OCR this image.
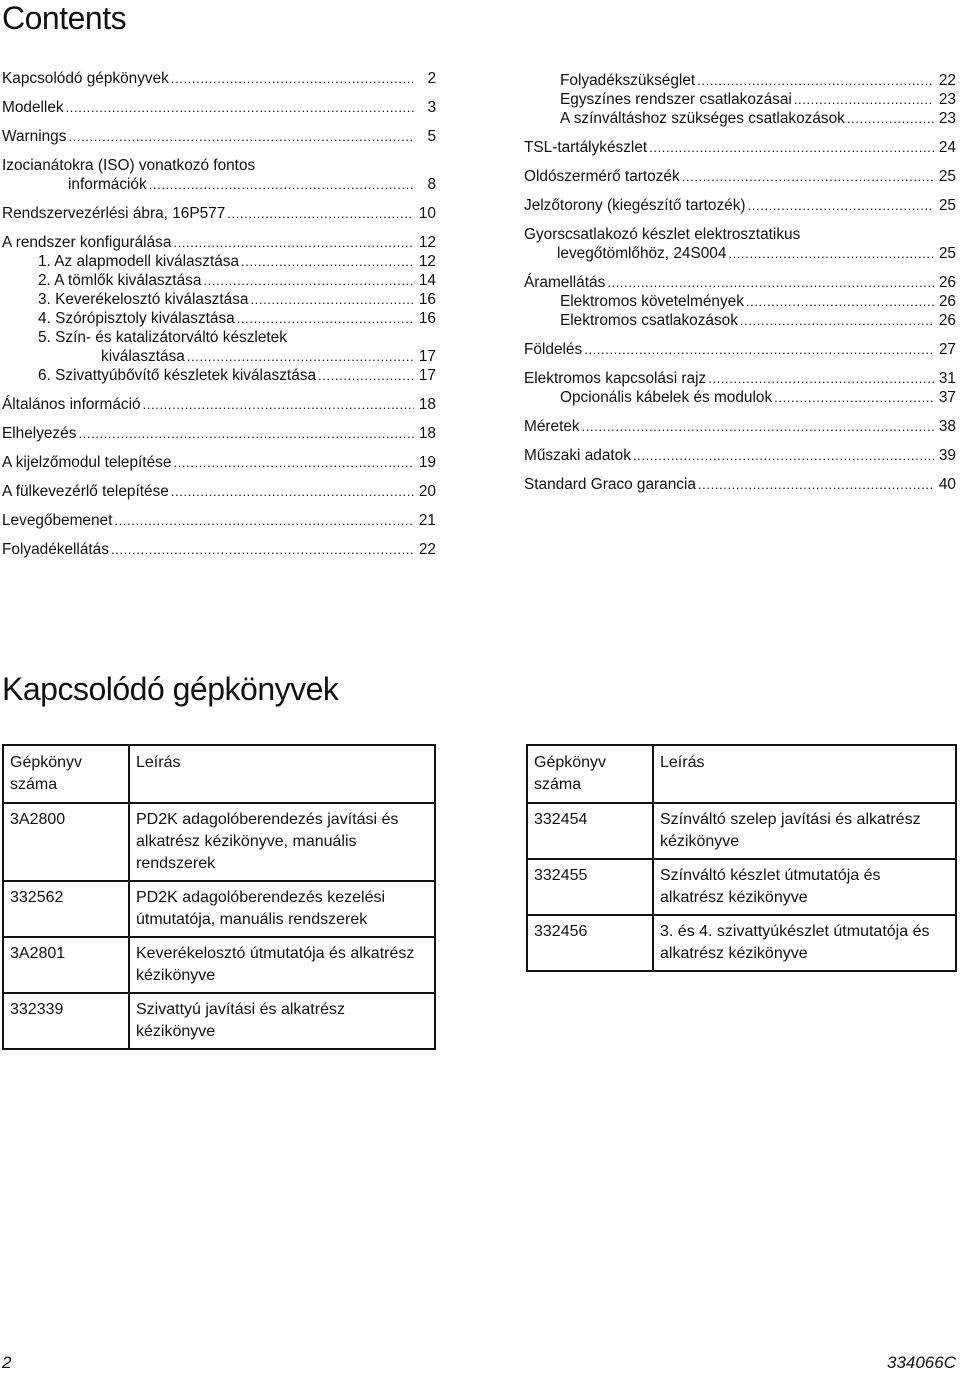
Contents
Kapcsolódó gépkönyvek .....	2
Modellek .....	3
Warnings .....	5
Izocianátokra (ISO) vonatkozó fontos
információk .....	8
Rendszervezérlési ábra, 16P577 .....	10
A rendszer konfigurálása .....	12
1. Az alapmodell kiválasztása .....	12
2. A tömlők kiválasztása .....	14
3. Keverékelosztó kiválasztása .....	16
4. Szórópisztoly kiválasztása .....	16
5. Szín- és katalizátorváltó készletek
kiválasztása .....	17
6. Szivattyúbővítő készletek kiválasztása .....	17
Általános információ .....	18
Elhelyezés .....	18
A kijelzőmodul telepítése .....	19
A fülkevezérlő telepítése .....	20
Levegőbemenet .....	21
Folyadékellátás .....	22
Folyadékszükséglet .....	22
Egyszínes rendszer csatlakozásai .....	23
A színváltáshoz szükséges csatlakozások .....	23
TSL-tartálykészlet .....	24
Oldószermérő tartozék .....	25
Jelzőtorony (kiegészítő tartozék) .....	25
Gyorscsatlakozó készlet elektrosztatikus
levegőtömlőhöz, 24S004 .....	25
Áramellátás .....	26
Elektromos követelmények .....	26
Elektromos csatlakozások .....	26
Földelés .....	27
Elektromos kapcsolási rajz .....	31
Opcionális kábelek és modulok .....	37
Méretek .....	38
Műszaki adatok .....	39
Standard Graco garancia .....	40
Kapcsolódó gépkönyvek
Gépkönyv száma	Leírás
3A2800	PD2K adagolóberendezés javítási és alkatrész kézikönyve, manuális rendszerek
332562	PD2K adagolóberendezés kezelési útmutatója, manuális rendszerek
3A2801	Keverékelosztó útmutatója és alkatrész kézikönyve
332339	Szivattyú javítási és alkatrész kézikönyve
Gépkönyv száma	Leírás
332454	Színváltó szelep javítási és alkatrész kézikönyve
332455	Színváltó készlet útmutatója és alkatrész kézikönyve
332456	3. és 4. szivattyúkészlet útmutatója és alkatrész kézikönyve
2	334066C
